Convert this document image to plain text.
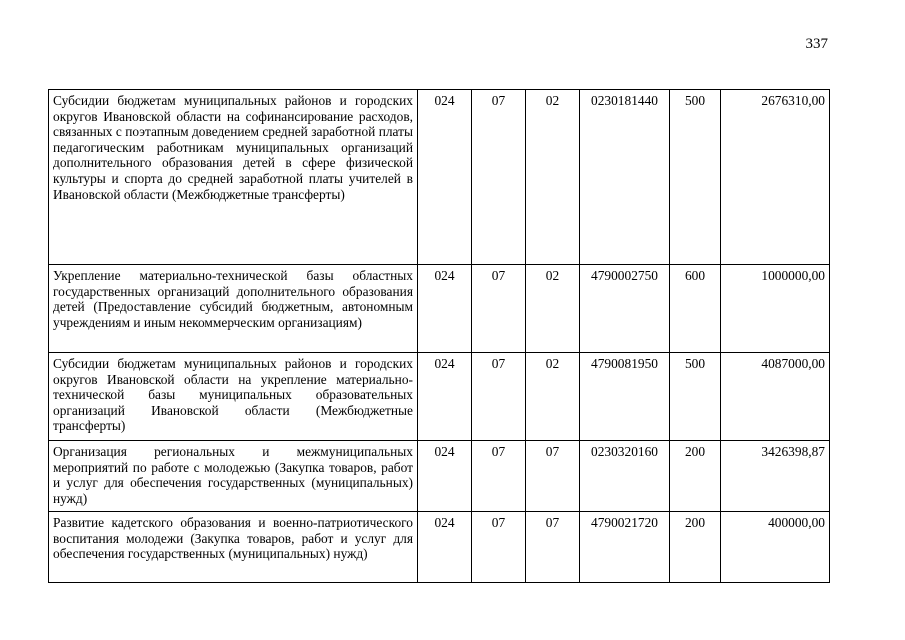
337
Субсидии бюджетам муниципальных районов и городских округов Ивановской области на софинансирование расходов, связанных с поэтапным доведением средней заработной платы педагогическим работникам муниципальных организаций дополнительного образования детей в сфере физической культуры и спорта до средней заработной платы учителей в Ивановской области (Межбюджетные трансферты)	024	07	02	0230181440	500	2676310,00
Укрепление материально-технической базы областных государственных организаций дополнительного образования детей (Предоставление субсидий бюджетным, автономным учреждениям и иным некоммерческим организациям)	024	07	02	4790002750	600	1000000,00
Субсидии бюджетам муниципальных районов и городских округов Ивановской области на укрепление материально-технической базы муниципальных образовательных организаций Ивановской области (Межбюджетные трансферты)	024	07	02	4790081950	500	4087000,00
Организация региональных и межмуниципальных мероприятий по работе с молодежью (Закупка товаров, работ и услуг для обеспечения государственных (муниципальных) нужд)	024	07	07	0230320160	200	3426398,87
Развитие кадетского образования и военно-патриотического воспитания молодежи (Закупка товаров, работ и услуг для обеспечения государственных (муниципальных) нужд)	024	07	07	4790021720	200	400000,00
